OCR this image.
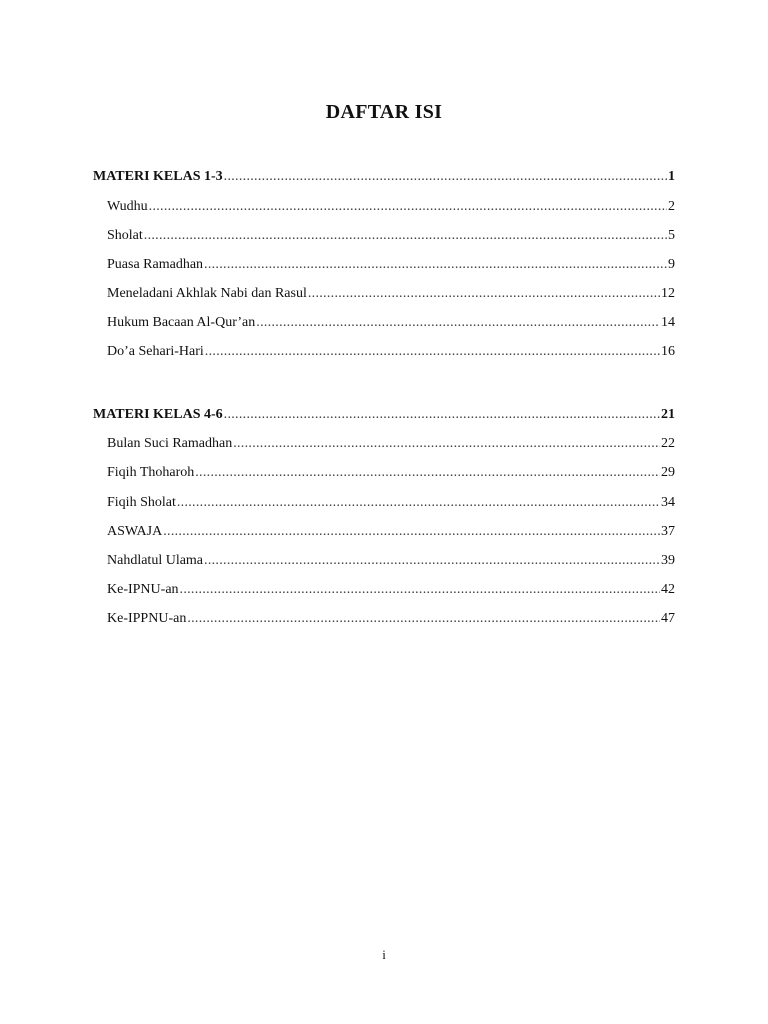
DAFTAR ISI
MATERI KELAS 1-3 . . .	1
Wudhu . . .	2
Sholat . . .	5
Puasa Ramadhan . . .	9
Meneladani Akhlak Nabi dan Rasul . . .	12
Hukum Bacaan Al-Qur’an . . .	14
Do’a Sehari-Hari . . .	16
MATERI KELAS 4-6 . . .	21
Bulan Suci Ramadhan . . .	22
Fiqih Thoharoh . . .	29
Fiqih Sholat . . .	34
ASWAJA . . .	37
Nahdlatul Ulama . . .	39
Ke-IPNU-an . . .	42
Ke-IPPNU-an . . .	47
i
